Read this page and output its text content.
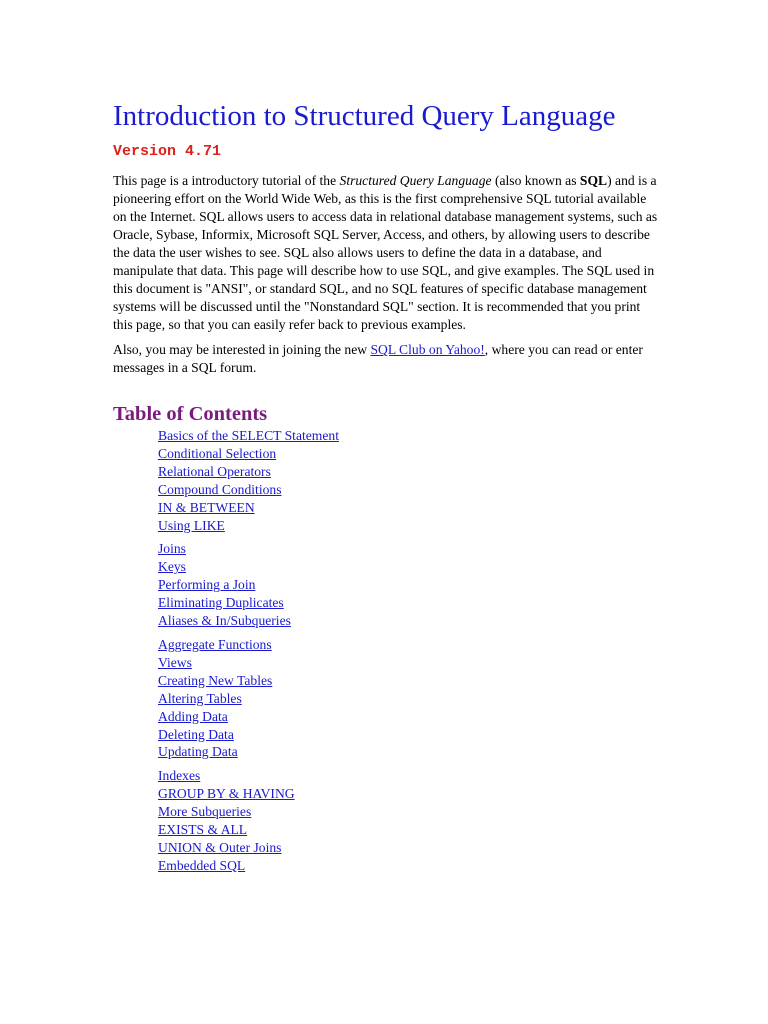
Introduction to Structured Query Language
Version 4.71

This page is a introductory tutorial of the Structured Query Language (also known as SQL) and is a pioneering effort on the World Wide Web, as this is the first comprehensive SQL tutorial available on the Internet. SQL allows users to access data in relational database management systems, such as Oracle, Sybase, Informix, Microsoft SQL Server, Access, and others, by allowing users to describe the data the user wishes to see. SQL also allows users to define the data in a database, and manipulate that data. This page will describe how to use SQL, and give examples. The SQL used in this document is "ANSI", or standard SQL, and no SQL features of specific database management systems will be discussed until the "Nonstandard SQL" section. It is recommended that you print this page, so that you can easily refer back to previous examples.

Also, you may be interested in joining the new SQL Club on Yahoo!, where you can read or enter messages in a SQL forum.

Table of Contents
Basics of the SELECT Statement
Conditional Selection
Relational Operators
Compound Conditions
IN & BETWEEN
Using LIKE
Joins
Keys
Performing a Join
Eliminating Duplicates
Aliases & In/Subqueries
Aggregate Functions
Views
Creating New Tables
Altering Tables
Adding Data
Deleting Data
Updating Data
Indexes
GROUP BY & HAVING
More Subqueries
EXISTS & ALL
UNION & Outer Joins
Embedded SQL
